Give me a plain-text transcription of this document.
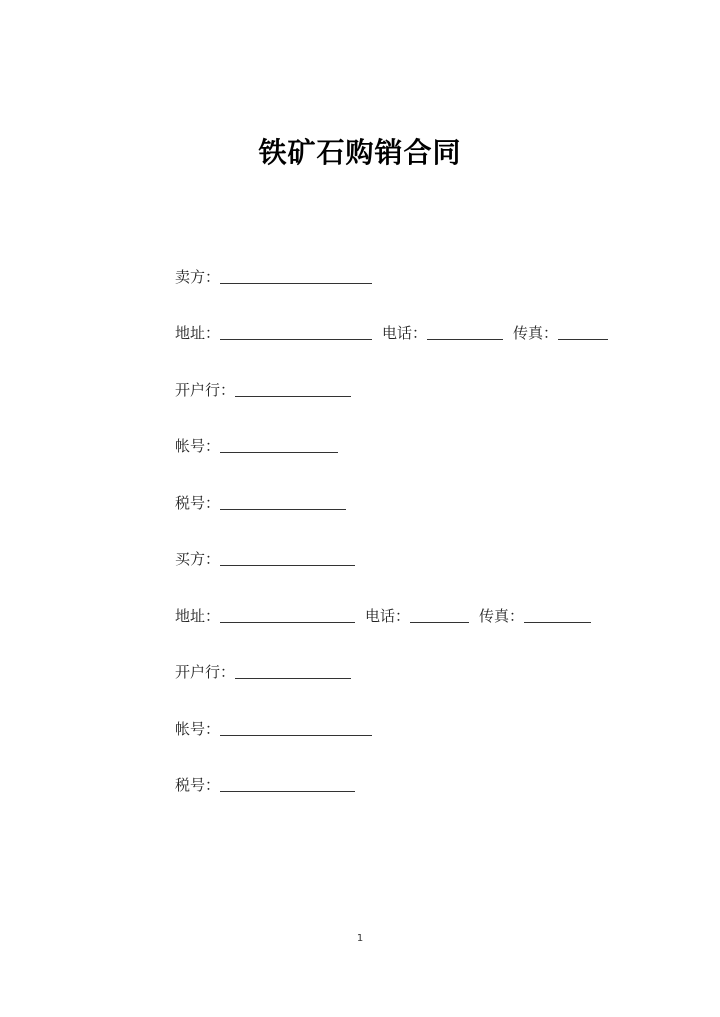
铁矿石购销合同
卖方：
地址：	电话：	传真：
开户行：
帐号：
税号：
买方：
地址：	电话：	传真：
开户行：
帐号：
税号：
1
